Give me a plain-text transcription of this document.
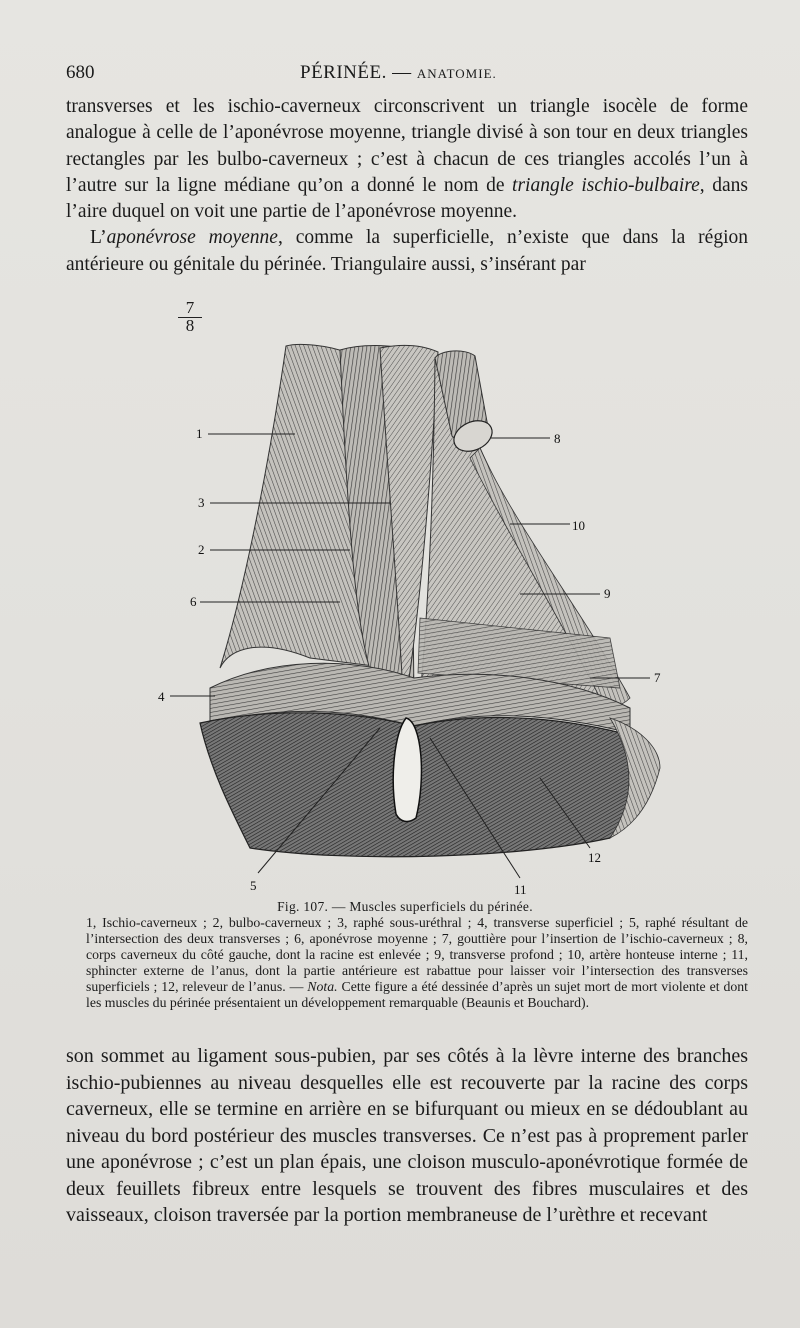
680	PÉRINÉE. — ANATOMIE.

transverses et les ischio-caverneux circonscrivent un triangle isocèle de forme analogue à celle de l’aponévrose moyenne, triangle divisé à son tour en deux triangles rectangles par les bulbo-caverneux ; c’est à chacun de ces triangles accolés l’un à l’autre sur la ligne médiane qu’on a donné le nom de triangle ischio-bulbaire, dans l’aire duquel on voit une partie de l’aponévrose moyenne.

L’aponévrose moyenne, comme la superficielle, n’existe que dans la région antérieure ou génitale du périnée. Triangulaire aussi, s’insérant par

$\frac{7}{8}$
1
2
3
4
5
6
7
8
9
10
11
12
Fig. 107. — Muscles superficiels du périnée.
1, Ischio-caverneux ; 2, bulbo-caverneux ; 3, raphé sous-uréthral ; 4, transverse superficiel ; 5, raphé résultant de l’intersection des deux transverses ; 6, aponévrose moyenne ; 7, gouttière pour l’insertion de l’ischio-caverneux ; 8, corps caverneux du côté gauche, dont la racine est enlevée ; 9, transverse profond ; 10, artère honteuse interne ; 11, sphincter externe de l’anus, dont la partie antérieure est rabattue pour laisser voir l’intersection des transverses superficiels ; 12, releveur de l’anus. — Nota. Cette figure a été dessinée d’après un sujet mort de mort violente et dont les muscles du périnée présentaient un développement remarquable (Beaunis et Bouchard).

son sommet au ligament sous-pubien, par ses côtés à la lèvre interne des branches ischio-pubiennes au niveau desquelles elle est recouverte par la racine des corps caverneux, elle se termine en arrière en se bifurquant ou mieux en se dédoublant au niveau du bord postérieur des muscles transverses. Ce n’est pas à proprement parler une aponévrose ; c’est un plan épais, une cloison musculo-aponévrotique formée de deux feuillets fibreux entre lesquels se trouvent des fibres musculaires et des vaisseaux, cloison traversée par la portion membraneuse de l’urèthre et recevant
